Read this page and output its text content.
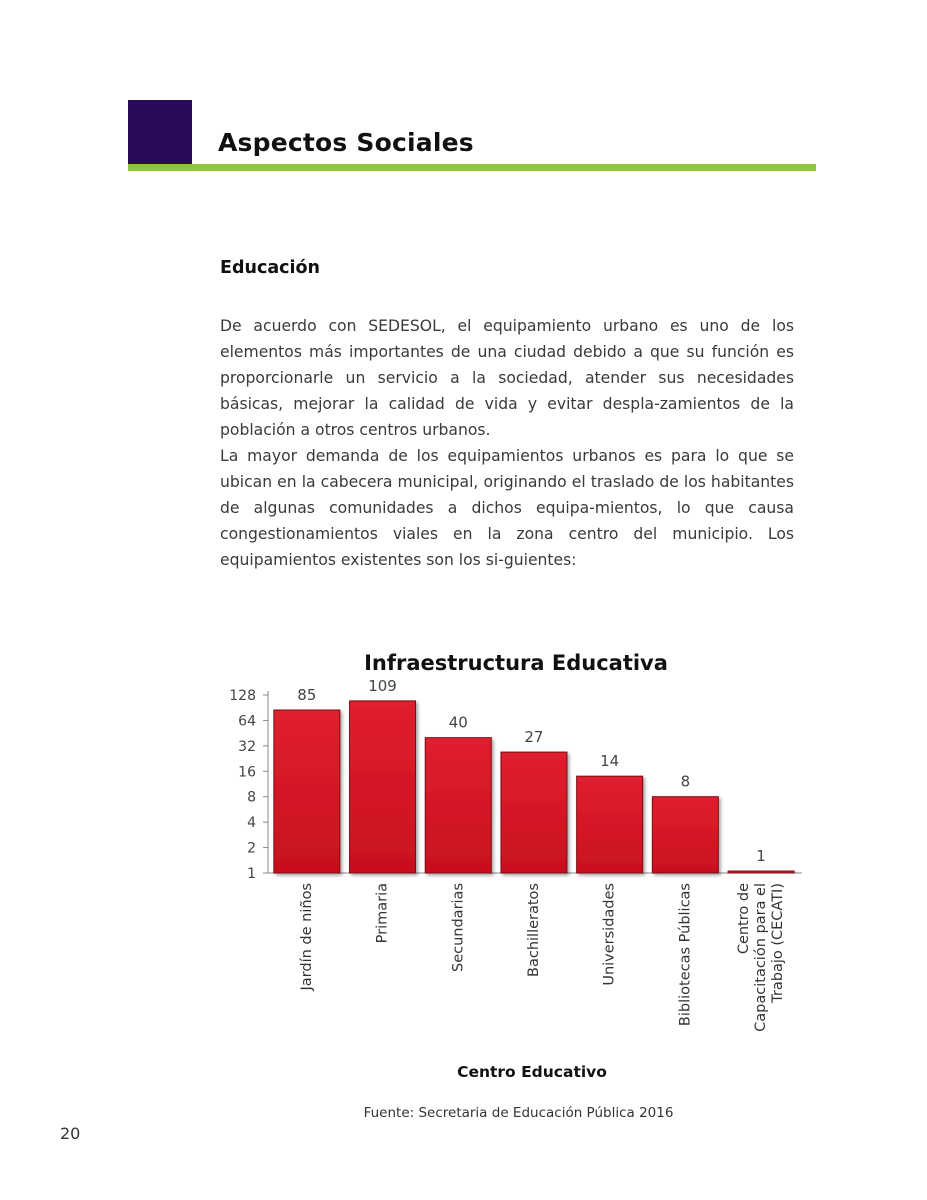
Aspectos Sociales
Educación

De acuerdo con SEDESOL, el equipamiento urbano es uno de los elementos más importantes de una ciudad debido a que su función es proporcionarle un servicio a la sociedad, atender sus necesidades básicas, mejorar la calidad de vida y evitar despla-zamientos de la población a otros centros urbanos.

La mayor demanda de los equipamientos urbanos es para lo que se ubican en la cabecera municipal, originando el traslado de los habitantes de algunas comunidades a dichos equipa-mientos, lo que causa congestionamientos viales en la zona centro del municipio. Los equipamientos existentes son los si-guientes:

Infraestructura Educativa
1
2
4
8
16
32
64
128	85
Jardín de niños
109
Primaria
40
Secundarias
27
Bachilleratos
14
Universidades
8
Bibliotecas Públicas
1
Centro de Capacitación para el Trabajo (CECATI)
Centro Educativo
Fuente: Secretaria de Educación Pública 2016
20
